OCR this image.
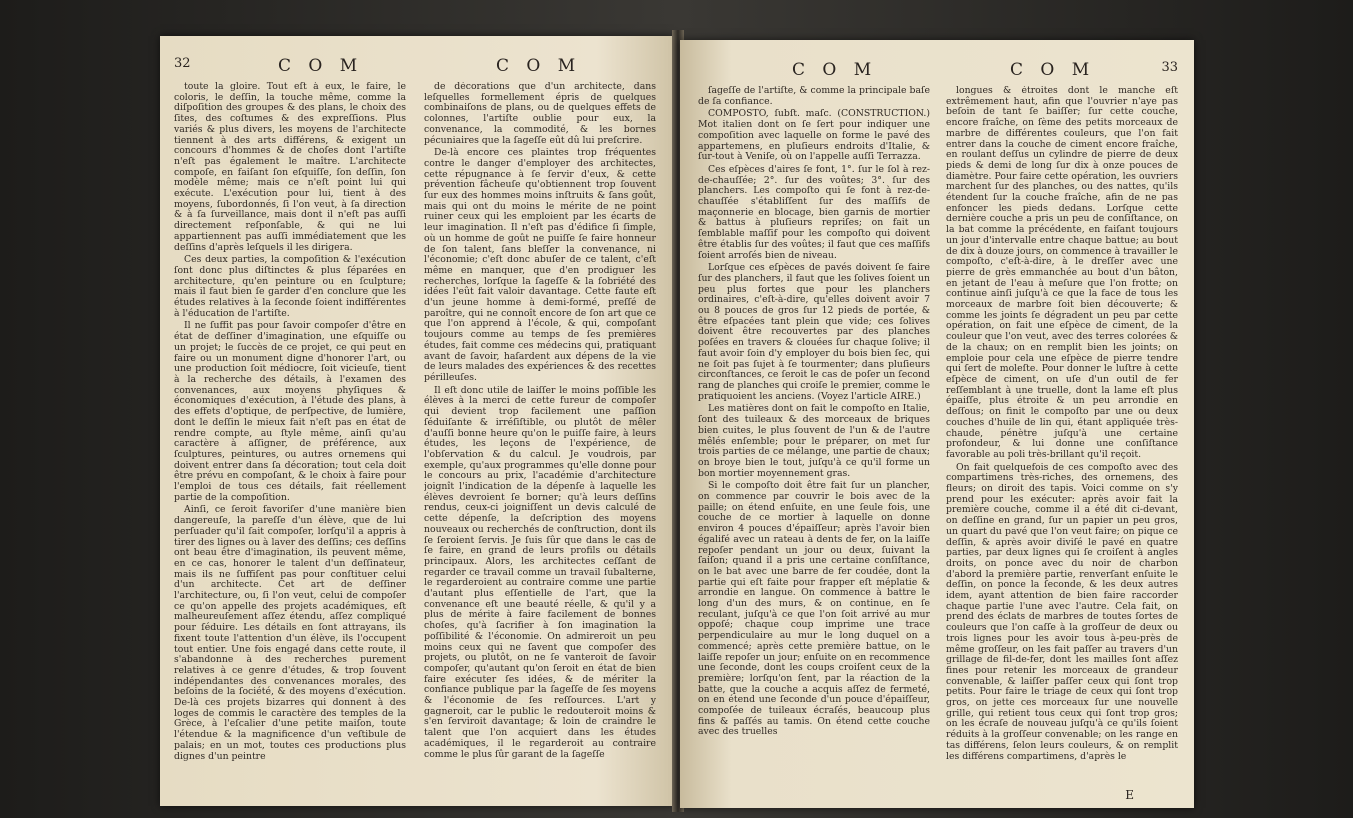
32	C O M	C O M

toute la gloire. Tout eſt à eux, le faire, le coloris, le deſſin, la touche même, comme la diſpoſition des groupes & des plans, le choix des ſites, des coſtumes & des expreſſions. Plus variés & plus divers, les moyens de l'architecte tiennent à des arts différens, & exigent un concours d'hommes & de choſes dont l'artiſte n'eſt pas également le maître. L'architecte compoſe, en faiſant ſon eſquiſſe, ſon deſſin, ſon modèle même; mais ce n'eſt point lui qui exécute. L'exécution pour lui, tient à des moyens, ſubordonnés, ſi l'on veut, à ſa direction & à ſa ſurveillance, mais dont il n'eſt pas auſſi directement reſponſable, & qui ne lui appartiennent pas auſſi immédiatement que les deſſins d'après leſquels il les dirigera.

Ces deux parties, la compoſition & l'exécution ſont donc plus diſtinctes & plus ſéparées en architecture, qu'en peinture ou en ſculpture; mais il faut bien ſe garder d'en conclure que les études relatives à la ſeconde ſoient indifférentes à l'éducation de l'artiſte.

Il ne ſuffit pas pour ſavoir compoſer d'être en état de deſſiner d'imagination, une eſquiſſe ou un projet; le ſuccès de ce projet, ce qui peut en faire ou un monument digne d'honorer l'art, ou une production ſoit médiocre, ſoit vicieuſe, tient à la recherche des détails, à l'examen des convenances, aux moyens phyſiques & économiques d'exécution, à l'étude des plans, à des effets d'optique, de perſpective, de lumière, dont le deſſin le mieux fait n'eſt pas en état de rendre compte, au ſtyle même, ainſi qu'au caractère à aſſigner, de préférence, aux ſculptures, peintures, ou autres ornemens qui doivent entrer dans ſa décoration; tout cela doit être prévu en compoſant, & le choix à faire pour l'emploi de tous ces détails, fait réellement partie de la compoſition.

Ainſi, ce ſeroit favoriſer d'une manière bien dangereuſe, la pareſſe d'un élève, que de lui perſuader qu'il ſait compoſer, lorſqu'il a appris à tirer des lignes ou à laver des deſſins; ces deſſins ont beau être d'imagination, ils peuvent même, en ce cas, honorer le talent d'un deſſinateur, mais ils ne ſuffiſent pas pour conſtituer celui d'un architecte. Cet art de deſſiner l'architecture, ou, ſi l'on veut, celui de compoſer ce qu'on appelle des projets académiques, eſt malheureuſement aſſez étendu, aſſez compliqué pour ſéduire. Les détails en ſont attrayans, ils fixent toute l'attention d'un élève, ils l'occupent tout entier. Une fois engagé dans cette route, il s'abandonne à des recherches purement relatives à ce genre d'études, & trop ſouvent indépendantes des convenances morales, des beſoins de la ſociété, & des moyens d'exécution. De-là ces projets bizarres qui donnent à des loges de commis le caractère des temples de la Grèce, à l'eſcalier d'une petite maiſon, toute l'étendue & la magnificence d'un veſtibule de palais; en un mot, toutes ces productions plus dignes d'un peintre

de décorations que d'un architecte, dans leſquelles formellement épris de quelques combinaiſons de plans, ou de quelques effets de colonnes, l'artiſte oublie pour eux, la convenance, la commodité, & les bornes pécuniaires que la ſageſſe eût dû lui preſcrire.

De-là encore ces plaintes trop fréquentes contre le danger d'employer des architectes, cette répugnance à ſe ſervir d'eux, & cette prévention fâcheuſe qu'obtiennent trop ſouvent ſur eux des hommes moins inſtruits & ſans goût, mais qui ont du moins le mérite de ne point ruiner ceux qui les emploient par les écarts de leur imagination. Il n'eſt pas d'édifice ſi ſimple, où un homme de goût ne puiſſe ſe faire honneur de ſon talent, ſans bleſſer la convenance, ni l'économie; c'eſt donc abuſer de ce talent, c'eſt même en manquer, que d'en prodiguer les recherches, lorſque la ſageſſe & la ſobriété des idées l'eût fait valoir davantage. Cette faute eſt d'un jeune homme à demi-formé, preſſé de paroître, qui ne connoît encore de ſon art que ce que l'on apprend à l'école, & qui, compoſant toujours comme au temps de ſes premières études, fait comme ces médecins qui, pratiquant avant de ſavoir, haſardent aux dépens de la vie de leurs malades des expériences & des recettes périlleuſes.

Il eſt donc utile de laiſſer le moins poſſible les élèves à la merci de cette fureur de compoſer qui devient trop facilement une paſſion ſéduiſante & irréſiſtible, ou plutôt de mêler d'auſſi bonne heure qu'on le puiſſe faire, à leurs études, les leçons de l'expérience, de l'obſervation & du calcul. Je voudrois, par exemple, qu'aux programmes qu'elle donne pour le concours au prix, l'académie d'architecture joignît l'indication de la dépenſe à laquelle les élèves devroient ſe borner; qu'à leurs deſſins rendus, ceux-ci joigniſſent un devis calculé de cette dépenſe, la deſcription des moyens nouveaux ou recherchés de conſtruction, dont ils ſe ſeroient ſervis. Je ſuis ſûr que dans le cas de ſe faire, en grand de leurs profils ou détails principaux. Alors, les architectes ceſſant de regarder ce travail comme un travail ſubalterne, le regarderoient au contraire comme une partie d'autant plus eſſentielle de l'art, que la convenance eſt une beauté réelle, & qu'il y a plus de mérite à faire facilement de bonnes choſes, qu'à ſacrifier à ſon imagination la poſſibilité & l'économie. On admireroit un peu moins ceux qui ne ſavent que compoſer des projets, ou plutôt, on ne ſe vanteroit de ſavoir compoſer, qu'autant qu'on ſeroit en état de bien faire exécuter ſes idées, & de mériter la confiance publique par la ſageſſe de ſes moyens & l'économie de ſes reſſources. L'art y gagneroit, car le public le redouteroit moins & s'en ſerviroit davantage; & loin de craindre le talent que l'on acquiert dans les études académiques, il le regarderoit au contraire comme le plus ſûr garant de la ſageſſe

C O M	C O M	33

ſageſſe de l'artiſte, & comme la principale baſe de ſa confiance.

COMPOSTO, ſubſt. maſc. (CONSTRUCTION.) Mot italien dont on ſe ſert pour indiquer une compoſition avec laquelle on forme le pavé des appartemens, en pluſieurs endroits d'Italie, & ſur-tout à Veniſe, où on l'appelle auſſi Terrazza.

Ces eſpèces d'aires ſe font, 1°. ſur le ſol à rez-de-chauſſée; 2°. ſur des voûtes; 3°. ſur des planchers. Les compoſto qui ſe font à rez-de-chauſſée s'établiſſent ſur des maſſifs de maçonnerie en blocage, bien garnis de mortier & battus à pluſieurs repriſes; on fait un ſemblable maſſif pour les compoſto qui doivent être établis ſur des voûtes; il faut que ces maſſifs ſoient arroſés bien de niveau.

Lorſque ces eſpèces de pavés doivent ſe faire ſur des planchers, il faut que les ſolives ſoient un peu plus fortes que pour les planchers ordinaires, c'eſt-à-dire, qu'elles doivent avoir 7 ou 8 pouces de gros ſur 12 pieds de portée, & être eſpacées tant plein que vide; ces ſolives doivent être recouvertes par des planches poſées en travers & clouées ſur chaque ſolive; il faut avoir ſoin d'y employer du bois bien ſec, qui ne ſoit pas ſujet à ſe tourmenter; dans pluſieurs circonſtances, ce ſeroit le cas de poſer un ſecond rang de planches qui croiſe le premier, comme le pratiquoient les anciens. (Voyez l'article AIRE.)

Les matières dont on fait le compoſto en Italie, ſont des tuileaux & des morceaux de briques bien cuites, le plus ſouvent de l'un & de l'autre mêlés enſemble; pour le préparer, on met ſur trois parties de ce mélange, une partie de chaux; on broye bien le tout, juſqu'à ce qu'il forme un bon mortier moyennement gras.

Si le compoſto doit être fait ſur un plancher, on commence par couvrir le bois avec de la paille; on étend enſuite, en une ſeule fois, une couche de ce mortier à laquelle on donne environ 4 pouces d'épaiſſeur; après l'avoir bien égalifé avec un rateau à dents de fer, on la laiſſe repoſer pendant un jour ou deux, ſuivant la ſaiſon; quand il a pris une certaine conſiſtance, on le bat avec une barre de fer coudée, dont la partie qui eſt faite pour frapper eſt méplatie & arrondie en langue. On commence à battre le long d'un des murs, & on continue, en ſe reculant, juſqu'à ce que l'on ſoit arrivé au mur oppoſé; chaque coup imprime une trace perpendiculaire au mur le long duquel on a commencé; après cette première battue, on le laiſſe repoſer un jour; enſuite on en recommence une ſeconde, dont les coups croiſent ceux de la première; lorſqu'on ſent, par la réaction de la batte, que la couche a acquis aſſez de fermeté, on en étend une ſeconde d'un pouce d'épaiſſeur, compoſée de tuileaux écraſés, beaucoup plus fins & paſſés au tamis. On étend cette couche avec des truelles

longues & étroites dont le manche eſt extrêmement haut, afin que l'ouvrier n'aye pas beſoin de tant ſe baiſſer; ſur cette couche, encore fraîche, on ſème des petits morceaux de marbre de différentes couleurs, que l'on fait entrer dans la couche de ciment encore fraîche, en roulant deſſus un cylindre de pierre de deux pieds & demi de long ſur dix à onze pouces de diamètre. Pour faire cette opération, les ouvriers marchent ſur des planches, ou des nattes, qu'ils étendent ſur la couche fraîche, afin de ne pas enfoncer les pieds dedans. Lorſque cette dernière couche a pris un peu de conſiſtance, on la bat comme la précédente, en faiſant toujours un jour d'intervalle entre chaque battue; au bout de dix à douze jours, on commence à travailler le compoſto, c'eſt-à-dire, à le dreſſer avec une pierre de grès emmanchée au bout d'un bâton, en jetant de l'eau à meſure que l'on frotte; on continue ainſi juſqu'à ce que la face de tous les morceaux de marbre ſoit bien découverte; & comme les joints ſe dégradent un peu par cette opération, on fait une eſpèce de ciment, de la couleur que l'on veut, avec des terres colorées & de la chaux; on en remplit bien les joints; on emploie pour cela une eſpèce de pierre tendre qui ſert de moleſte. Pour donner le luſtre à cette eſpèce de ciment, on uſe d'un outil de fer reſſemblant à une truelle, dont la lame eſt plus épaiſſe, plus étroite & un peu arrondie en deſſous; on finit le compoſto par une ou deux couches d'huile de lin qui, étant appliquée très-chaude, pénètre juſqu'à une certaine profondeur, & lui donne une conſiſtance favorable au poli très-brillant qu'il reçoit.

On fait quelquefois de ces compoſto avec des compartimens très-riches, des ornemens, des fleurs; on diroit des tapis. Voici comme on s'y prend pour les exécuter: après avoir fait la première couche, comme il a été dit ci-devant, on deſſine en grand, ſur un papier un peu gros, un quart du pavé que l'on veut faire; on pique ce deſſin, & après avoir diviſé le pavé en quatre parties, par deux lignes qui ſe croiſent à angles droits, on ponce avec du noir de charbon d'abord la première partie, renverſant enſuite le deſſin, on ponce la ſeconde, & les deux autres idem, ayant attention de bien faire raccorder chaque partie l'une avec l'autre. Cela fait, on prend des éclats de marbres de toutes ſortes de couleurs que l'on caſſe à la groſſeur de deux ou trois lignes pour les avoir tous à-peu-près de même groſſeur, on les fait paſſer au travers d'un grillage de fil-de-fer, dont les mailles ſont aſſez fines pour retenir les morceaux de grandeur convenable, & laiſſer paſſer ceux qui ſont trop petits. Pour faire le triage de ceux qui ſont trop gros, on jette ces morceaux ſur une nouvelle grille, qui retient tous ceux qui ſont trop gros; on les écraſe de nouveau juſqu'à ce qu'ils ſoient réduits à la groſſeur convenable; on les range en tas différens, ſelon leurs couleurs, & on remplit les différens compartimens, d'après le

E
